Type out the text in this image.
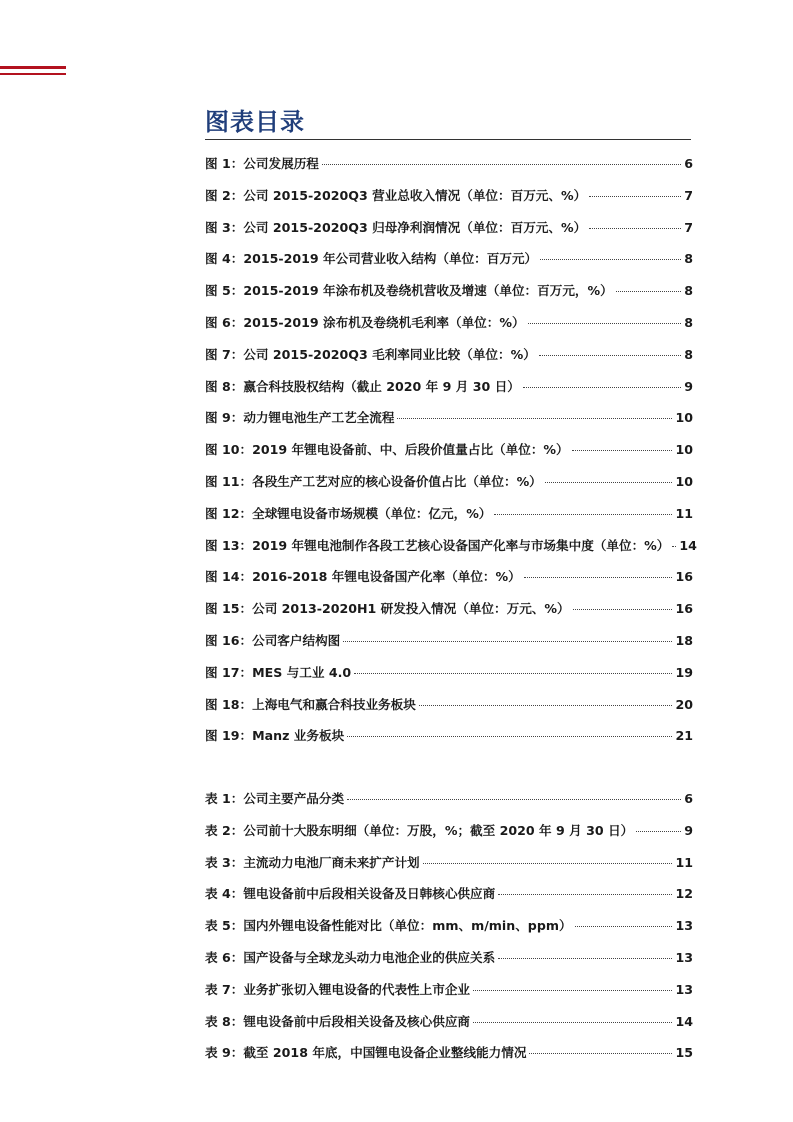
图表目录
图 1：公司发展历程	6
图 2：公司 2015-2020Q3 营业总收入情况（单位：百万元、%）	7
图 3：公司 2015-2020Q3 归母净利润情况（单位：百万元、%）	7
图 4：2015-2019 年公司营业收入结构（单位：百万元）	8
图 5：2015-2019 年涂布机及卷绕机营收及增速（单位：百万元，%）	8
图 6：2015-2019 涂布机及卷绕机毛利率（单位：%）	8
图 7：公司 2015-2020Q3 毛利率同业比较（单位：%）	8
图 8：嬴合科技股权结构（截止 2020 年 9 月 30 日）	9
图 9：动力锂电池生产工艺全流程	10
图 10：2019 年锂电设备前、中、后段价值量占比（单位：%）	10
图 11：各段生产工艺对应的核心设备价值占比（单位：%）	10
图 12：全球锂电设备市场规模（单位：亿元，%）	11
图 13：2019 年锂电池制作各段工艺核心设备国产化率与市场集中度（单位：%） 14
图 14：2016-2018 年锂电设备国产化率（单位：%）	16
图 15：公司 2013-2020H1 研发投入情况（单位：万元、%）	16
图 16：公司客户结构图	18
图 17：MES 与工业 4.0	19
图 18：上海电气和嬴合科技业务板块	20
图 19：Manz 业务板块	21
表 1：公司主要产品分类	6
表 2：公司前十大股东明细（单位：万股，%；截至 2020 年 9 月 30 日）	9
表 3：主流动力电池厂商未来扩产计划	11
表 4：锂电设备前中后段相关设备及日韩核心供应商	12
表 5：国内外锂电设备性能对比（单位：mm、m/min、ppm）	13
表 6：国产设备与全球龙头动力电池企业的供应关系	13
表 7：业务扩张切入锂电设备的代表性上市企业	13
表 8：锂电设备前中后段相关设备及核心供应商	14
表 9：截至 2018 年底，中国锂电设备企业整线能力情况	15
